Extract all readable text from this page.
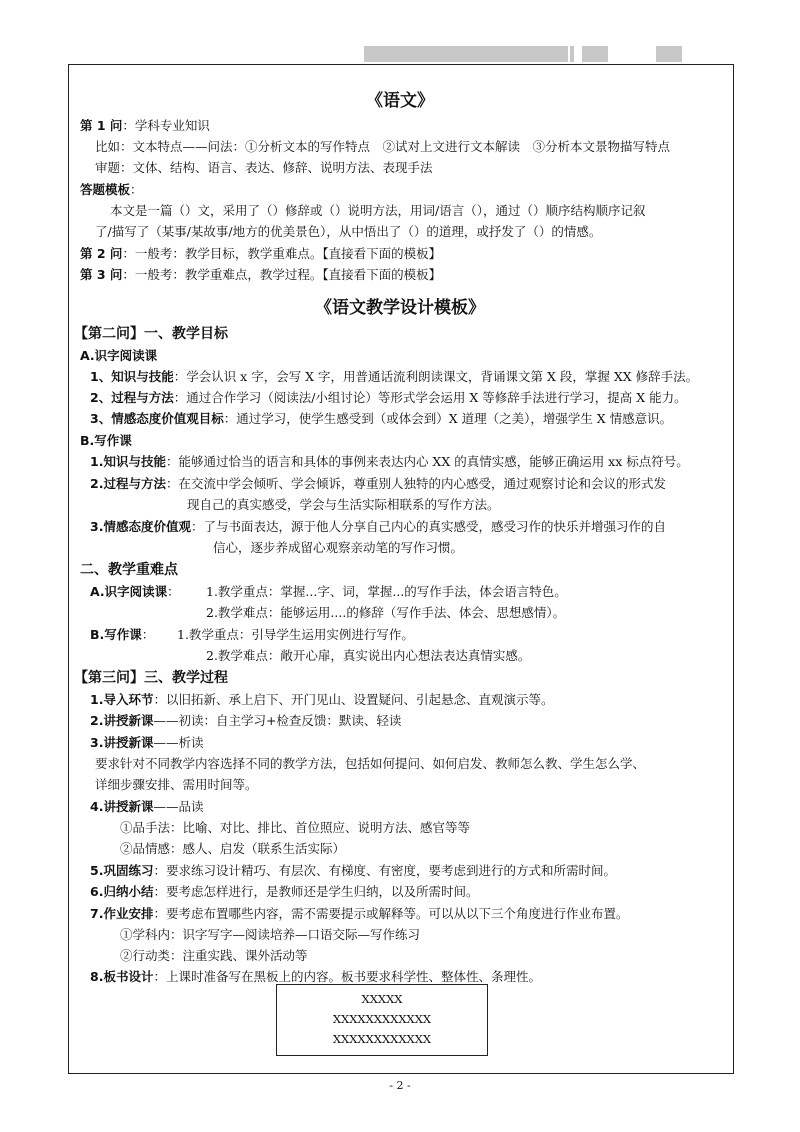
《语文》
第 1 问：学科专业知识
比如：文本特点——问法：①分析文本的写作特点　②试对上文进行文本解读　③分析本文景物描写特点
审题：文体、结构、语言、表达、修辞、说明方法、表现手法
答题模板：
本文是一篇（）文，采用了（）修辞或（）说明方法，用词/语言（），通过（）顺序结构顺序记叙
了/描写了（某事/某故事/地方的优美景色），从中悟出了（）的道理，或抒发了（）的情感。
第 2 问：一般考：教学目标，教学重难点。【直接看下面的模板】
第 3 问：一般考：教学重难点，教学过程。【直接看下面的模板】
《语文教学设计模板》
【第二问】一、教学目标
A.识字阅读课
1、知识与技能：学会认识 x 字，会写 X 字，用普通话流利朗读课文，背诵课文第 X 段，掌握 XX 修辞手法。
2、过程与方法：通过合作学习（阅读法/小组讨论）等形式学会运用 X 等修辞手法进行学习，提高 X 能力。
3、情感态度价值观目标：通过学习，使学生感受到（或体会到）X 道理（之美），增强学生 X 情感意识。
B.写作课
1.知识与技能：能够通过恰当的语言和具体的事例来表达内心 XX 的真情实感，能够正确运用 xx 标点符号。
2.过程与方法：在交流中学会倾听、学会倾诉，尊重别人独特的内心感受，通过观察讨论和会议的形式发
现自己的真实感受，学会与生活实际相联系的写作方法。
3.情感态度价值观：了与书面表达，源于他人分享自己内心的真实感受，感受习作的快乐并增强习作的自
信心，逐步养成留心观察亲动笔的写作习惯。
二、教学重难点
A.识字阅读课： 1.教学重点：掌握...字、词，掌握...的写作手法，体会语言特色。
2.教学难点：能够运用....的修辞（写作手法、体会、思想感情）。
B.写作课： 1.教学重点：引导学生运用实例进行写作。
2.教学难点：敞开心扉，真实说出内心想法表达真情实感。
【第三问】三、教学过程
1.导入环节：以旧拓新、承上启下、开门见山、设置疑问、引起悬念、直观演示等。
2.讲授新课——初读：自主学习+检查反馈：默读、轻读
3.讲授新课——析读
要求针对不同教学内容选择不同的教学方法，包括如何提问、如何启发、教师怎么教、学生怎么学、
详细步骤安排、需用时间等。
4.讲授新课——品读
①品手法：比喻、对比、排比、首位照应、说明方法、感官等等
②品情感：感人、启发（联系生活实际）
5.巩固练习：要求练习设计精巧、有层次、有梯度、有密度，要考虑到进行的方式和所需时间。
6.归纳小结：要考虑怎样进行，是教师还是学生归纳，以及所需时间。
7.作业安排：要考虑布置哪些内容，需不需要提示或解释等。可以从以下三个角度进行作业布置。
①学科内：识字写字—阅读培养—口语交际—写作练习
②行动类：注重实践、课外活动等
8.板书设计：上课时准备写在黑板上的内容。板书要求科学性、整体性、条理性。
XXXXX
XXXXXXXXXXXX
XXXXXXXXXXXX
- 2 -
